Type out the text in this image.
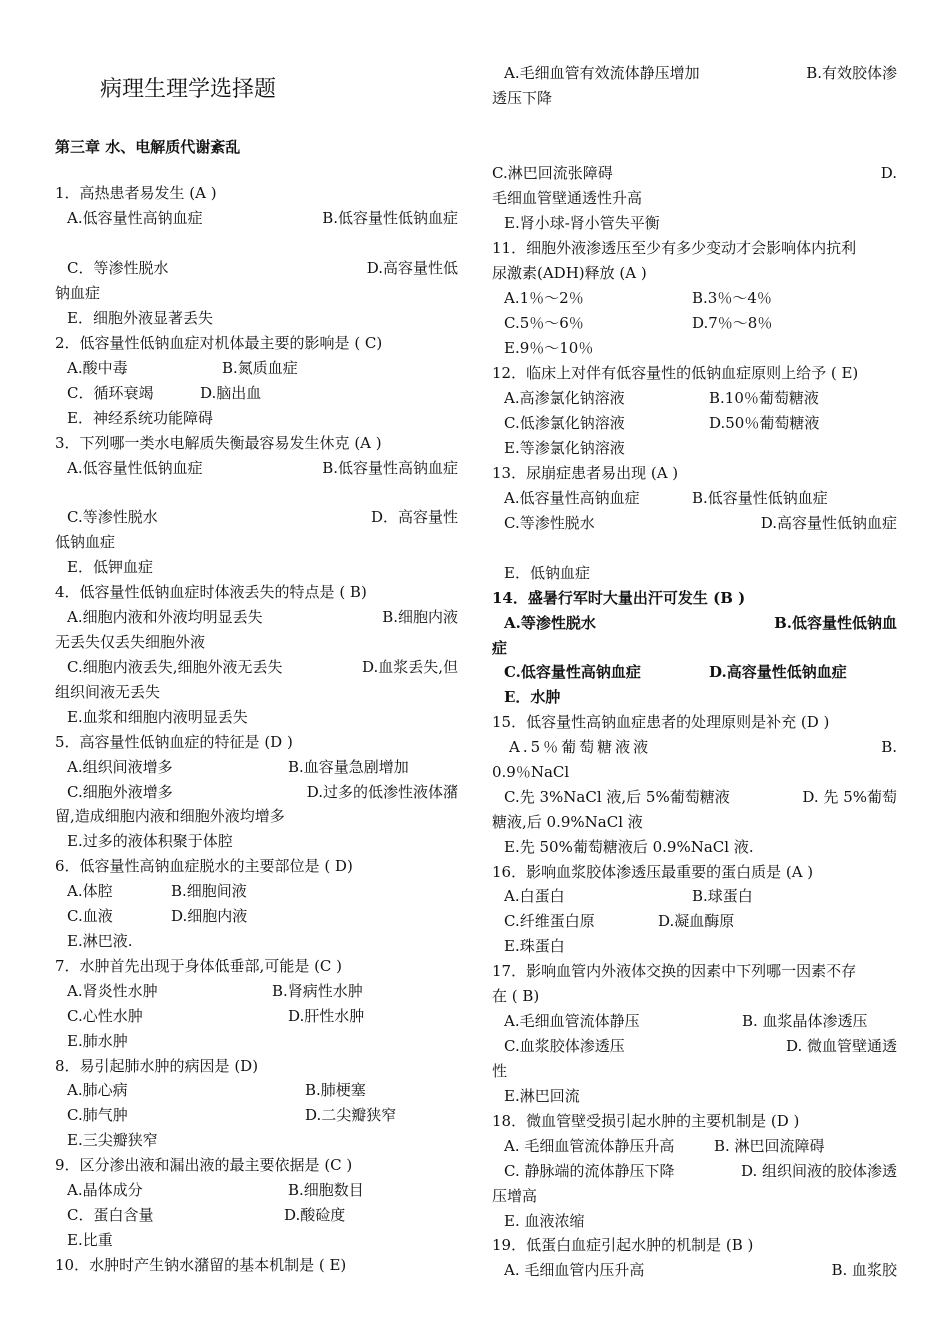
病理生理学选择题
第三章 水、电解质代谢紊乱
1．高热患者易发生 (A )
A.低容量性高钠血症	B.低容量性低钠血症
C．等渗性脱水	D.高容量性低
钠血症
E．细胞外液显著丢失
2．低容量性低钠血症对机体最主要的影响是 ( C)
A.酸中毒	B.氮质血症
C．循环衰竭	D.脑出血
E．神经系统功能障碍
3．下列哪一类水电解质失衡最容易发生休克 (A )
A.低容量性低钠血症	B.低容量性高钠血症
C.等渗性脱水	D．高容量性
低钠血症
E．低钾血症
4．低容量性低钠血症时体液丢失的特点是 ( B)
A.细胞内液和外液均明显丢失	B.细胞内液
无丢失仅丢失细胞外液
C.细胞内液丢失,细胞外液无丢失	D.血浆丢失,但
组织间液无丢失
E.血浆和细胞内液明显丢失
5．高容量性低钠血症的特征是 (D )
A.组织间液增多	B.血容量急剧增加
C.细胞外液增多	D.过多的低渗性液体潴
留,造成细胞内液和细胞外液均增多
E.过多的液体积聚于体腔
6．低容量性高钠血症脱水的主要部位是 ( D)
A.体腔	B.细胞间液
C.血液	D.细胞内液
E.淋巴液.
7．水肿首先出现于身体低垂部,可能是 (C )
A.肾炎性水肿	B.肾病性水肿
C.心性水肿	D.肝性水肿
E.肺水肿
8．易引起肺水肿的病因是 (D)
A.肺心病	B.肺梗塞
C.肺气肿	D.二尖瓣狭窄
E.三尖瓣狭窄
9．区分渗出液和漏出液的最主要依据是 (C )
A.晶体成分	B.细胞数目
C．蛋白含量	D.酸硷度
E.比重
10．水肿时产生钠水潴留的基本机制是 ( E)
A.毛细血管有效流体静压增加	B.有效胶体渗
透压下降
C.淋巴回流张障碍	D.
毛细血管壁通透性升高
E.肾小球-肾小管失平衡
11．细胞外液渗透压至少有多少变动才会影响体内抗利
尿激素(ADH)释放 (A )
A.1％～2％	B.3％～4％
C.5％～6％	D.7％～8％
E.9％～10％
12．临床上对伴有低容量性的低钠血症原则上给予 ( E)
A.高渗氯化钠溶液	B.10％葡萄糖液
C.低渗氯化钠溶液	D.50％葡萄糖液
E.等渗氯化钠溶液
13．尿崩症患者易出现 (A )
A.低容量性高钠血症	B.低容量性低钠血症
C.等渗性脱水	D.高容量性低钠血症
E．低钠血症
14．盛暑行军时大量出汗可发生 (B )
A.等渗性脱水	B.低容量性低钠血
症
C.低容量性高钠血症	D.高容量性低钠血症
E．水肿
15．低容量性高钠血症患者的处理原则是补充 (D )
A.5％葡萄糖液液	B.
0.9％NaCl
C.先 3%NaCl 液,后 5%葡萄糖液	D. 先 5%葡萄
糖液,后 0.9%NaCl 液
E.先 50%葡萄糖液后 0.9%NaCl 液.
16．影响血浆胶体渗透压最重要的蛋白质是 (A )
A.白蛋白	B.球蛋白
C.纤维蛋白原	D.凝血酶原
E.珠蛋白
17．影响血管内外液体交换的因素中下列哪一因素不存
在 ( B)
A.毛细血管流体静压	B. 血浆晶体渗透压
C.血浆胶体渗透压	D. 微血管壁通透
性
E.淋巴回流
18．微血管壁受损引起水肿的主要机制是 (D )
A. 毛细血管流体静压升高	B. 淋巴回流障碍
C. 静脉端的流体静压下降	D. 组织间液的胶体渗透
压增高
E. 血液浓缩
19．低蛋白血症引起水肿的机制是 (B )
A. 毛细血管内压升高	B. 血浆胶
